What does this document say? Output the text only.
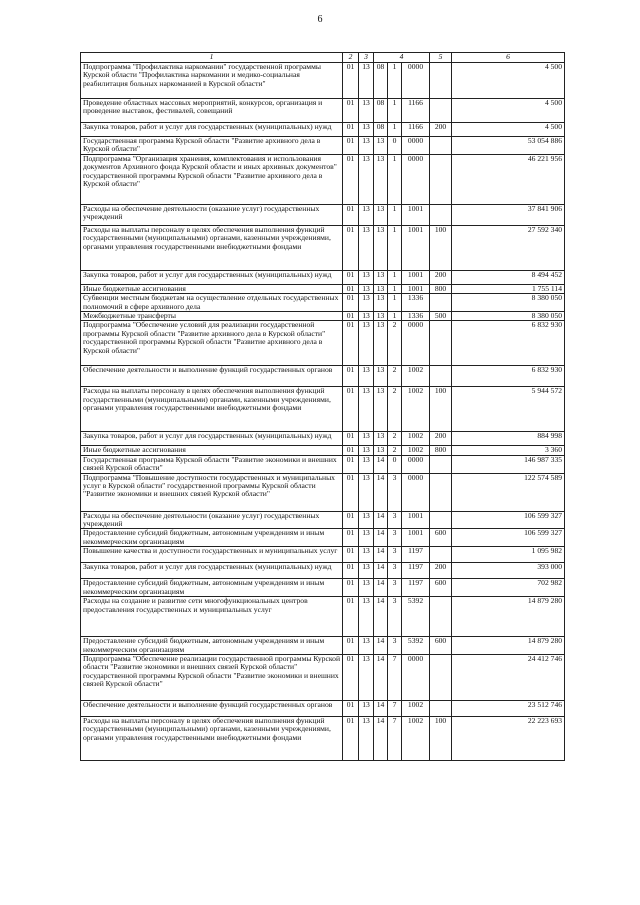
6
1	2	3	4			5	6
Подпрограмма "Профилактика наркомании" государственной программы Курской области "Профилактика наркомании и медико-социальная реабилитация больных наркоманией в Курской области"	01	13	08	1	0000		4 500
Проведение областных массовых мероприятий, конкурсов, организация и проведение выставок, фестивалей, совещаний	01	13	08	1	1166		4 500
Закупка товаров, работ и услуг для государственных (муниципальных) нужд	01	13	08	1	1166	200	4 500
Государственная программа Курской области "Развитие архивного дела в Курской области"	01	13	13	0	0000		53 054 886
Подпрограмма "Организация хранения, комплектования и использования документов Архивного фонда Курской области и иных архивных документов" государственной программы Курской области "Развитие архивного дела в Курской области"	01	13	13	1	0000		46 221 956
Расходы на обеспечение деятельности (оказание услуг) государственных учреждений	01	13	13	1	1001		37 841 906
Расходы на выплаты персоналу в целях обеспечения выполнения функций государственными (муниципальными) органами, казенными учреждениями, органами управления государственными внебюджетными фондами	01	13	13	1	1001	100	27 592 340
Закупка товаров, работ и услуг для государственных (муниципальных) нужд	01	13	13	1	1001	200	8 494 452
Иные бюджетные ассигнования	01	13	13	1	1001	800	1 755 114
Субвенции местным бюджетам на осуществление отдельных государственных полномочий в сфере архивного дела	01	13	13	1	1336		8 380 050
Межбюджетные трансферты	01	13	13	1	1336	500	8 380 050
Подпрограмма "Обеспечение условий для реализации государственной программы Курской области "Развитие архивного дела в Курской области" государственной программы Курской области "Развитие архивного дела в Курской области"	01	13	13	2	0000		6 832 930
Обеспечение деятельности и выполнение функций государственных органов	01	13	13	2	1002		6 832 930
Расходы на выплаты персоналу в целях обеспечения выполнения функций государственными (муниципальными) органами, казенными учреждениями, органами управления государственными внебюджетными фондами	01	13	13	2	1002	100	5 944 572
Закупка товаров, работ и услуг для государственных (муниципальных) нужд	01	13	13	2	1002	200	884 998
Иные бюджетные ассигнования	01	13	13	2	1002	800	3 360
Государственная программа Курской области "Развитие экономики и внешних связей Курской области"	01	13	14	0	0000		146 987 335
Подпрограмма "Повышение доступности государственных и муниципальных услуг в Курской области" государственной программы Курской области "Развитие экономики и внешних связей Курской области"	01	13	14	3	0000		122 574 589
Расходы на обеспечение деятельности (оказание услуг) государственных учреждений	01	13	14	3	1001		106 599 327
Предоставление субсидий бюджетным, автономным учреждениям и иным некоммерческим организациям	01	13	14	3	1001	600	106 599 327
Повышение качества и доступности государственных и муниципальных услуг	01	13	14	3	1197		1 095 982
Закупка товаров, работ и услуг для государственных (муниципальных) нужд	01	13	14	3	1197	200	393 000
Предоставление субсидий бюджетным, автономным учреждениям и иным некоммерческим организациям	01	13	14	3	1197	600	702 982
Расходы на создание и развитие сети многофункциональных центров предоставления государственных и муниципальных услуг	01	13	14	3	5392		14 879 280
Предоставление субсидий бюджетным, автономным учреждениям и иным некоммерческим организациям	01	13	14	3	5392	600	14 879 280
Подпрограмма "Обеспечение реализации государственной программы Курской области "Развитие экономики и внешних связей Курской области" государственной программы Курской области "Развитие экономики и внешних связей Курской области"	01	13	14	7	0000		24 412 746
Обеспечение деятельности и выполнение функций государственных органов	01	13	14	7	1002		23 512 746
Расходы на выплаты персоналу в целях обеспечения выполнения функций государственными (муниципальными) органами, казенными учреждениями, органами управления государственными внебюджетными фондами	01	13	14	7	1002	100	22 223 693
